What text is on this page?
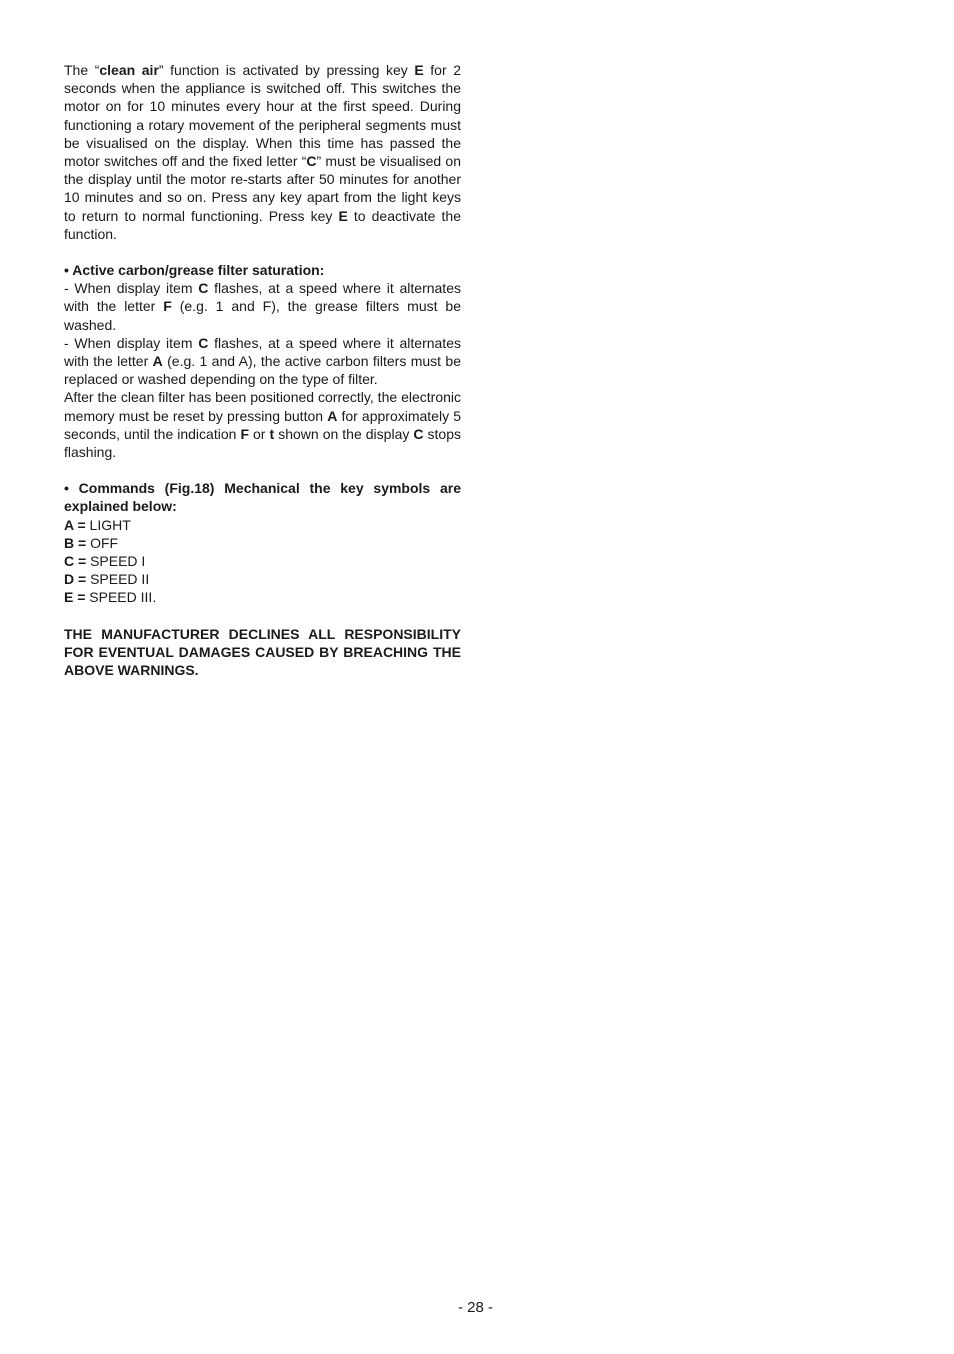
The “clean air” function is activated by pressing key E for 2 seconds when the appliance is switched off. This switches the motor on for 10 minutes every hour at the first speed. During functioning a rotary movement of the peripheral segments must be visualised on the display. When this time has passed the motor switches off and the fixed letter “C” must be visualised on the display until the motor re-starts after 50 minutes for another 10 minutes and so on. Press any key apart from the light keys to return to normal functioning. Press key E to deactivate the function.

• Active carbon/grease filter saturation:

- When display item C flashes, at a speed where it alternates with the letter F (e.g. 1 and F), the grease filters must be washed.

- When display item C flashes, at a speed where it alternates with the letter A (e.g. 1 and A), the active carbon filters must be replaced or washed depending on the type of filter.

After the clean filter has been positioned correctly, the electronic memory must be reset by pressing button A for approximately 5 seconds, until the indication F or t shown on the display C stops flashing.

• Commands (Fig.18) Mechanical the key symbols are explained below:

A = LIGHT

B = OFF

C = SPEED I

D = SPEED II

E = SPEED III.

THE MANUFACTURER DECLINES ALL RESPONSIBILITY FOR EVENTUAL DAMAGES CAUSED BY BREACHING THE ABOVE WARNINGS.

- 28 -
